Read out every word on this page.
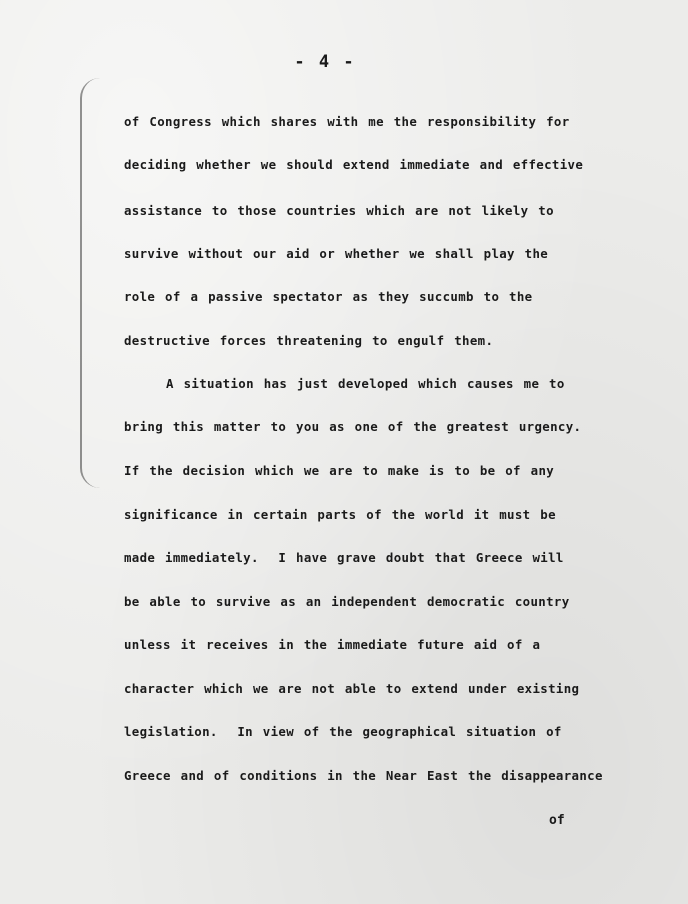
- 4 -
of Congress which shares with me the responsibility for
deciding whether we should extend immediate and effective
assistance to those countries which are not likely to
survive without our aid or whether we shall play the
role of a passive spectator as they succumb to the
destructive forces threatening to engulf them.
A situation has just developed which causes me to
bring this matter to you as one of the greatest urgency.
If the decision which we are to make is to be of any
significance in certain parts of the world it must be
made immediately.  I have grave doubt that Greece will
be able to survive as an independent democratic country
unless it receives in the immediate future aid of a
character which we are not able to extend under existing
legislation.  In view of the geographical situation of
Greece and of conditions in the Near East the disappearance
of
